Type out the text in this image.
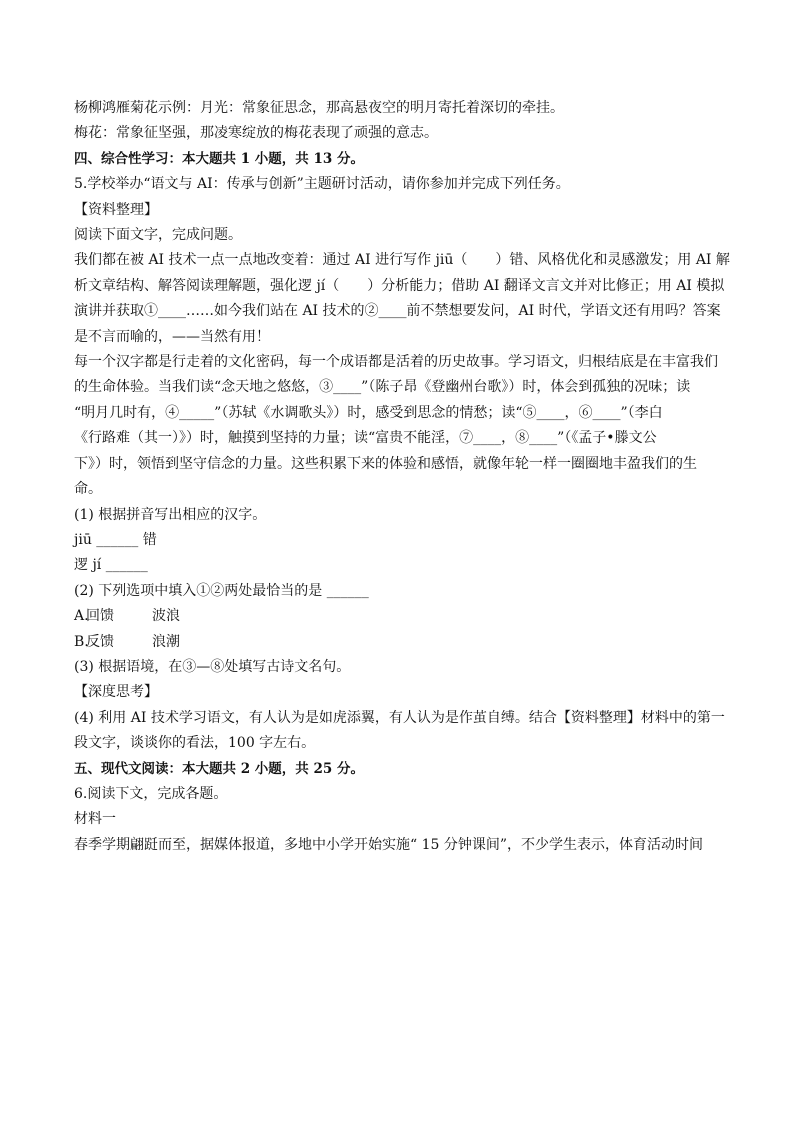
杨柳鸿雁菊花示例：月光：常象征思念，那高悬夜空的明月寄托着深切的牵挂。
梅花：常象征坚强，那凌寒绽放的梅花表现了顽强的意志。
四、综合性学习：本大题共 1 小题，共 13 分。
5.学校举办“语文与 AI：传承与创新”主题研讨活动，请你参加并完成下列任务。
【资料整理】
阅读下面文字，完成问题。
我们都在被 AI 技术一点一点地改变着：通过 AI 进行写作 jiū（　　）错、风格优化和灵感激发；用 AI 解
析文章结构、解答阅读理解题，强化逻 jí（　　）分析能力；借助 AI 翻译文言文并对比修正；用 AI 模拟
演讲并获取①____……如今我们站在 AI 技术的②____前不禁想要发问，AI 时代，学语文还有用吗？答案
是不言而喻的，——当然有用！
每一个汉字都是行走着的文化密码，每一个成语都是活着的历史故事。学习语文，归根结底是在丰富我们
的生命体验。当我们读“念天地之悠悠，③____”（陈子昂《登幽州台歌》）时，体会到孤独的况味；读
“明月几时有，④_____”（苏轼《水调歌头》）时，感受到思念的情愁；读“⑤____，⑥____”（李白
《行路难（其一）》）时，触摸到坚持的力量；读“富贵不能淫，⑦____，⑧____”（《孟子•滕文公
下》）时，领悟到坚守信念的力量。这些积累下来的体验和感悟，就像年轮一样一圈圈地丰盈我们的生
命。
(1) 根据拼音写出相应的汉字。
jiū ______ 错
逻 jí ______
(2) 下列选项中填入①②两处最恰当的是 ______
A.回馈	波浪
B.反馈	浪潮
(3) 根据语境，在③—⑧处填写古诗文名句。
【深度思考】
(4) 利用 AI 技术学习语文，有人认为是如虎添翼，有人认为是作茧自缚。结合【资料整理】材料中的第一
段文字，谈谈你的看法，100 字左右。
五、现代文阅读：本大题共 2 小题，共 25 分。
6.阅读下文，完成各题。
材料一
春季学期翩跹而至，据媒体报道，多地中小学开始实施“ 15 分钟课间”，不少学生表示，体育活动时间
